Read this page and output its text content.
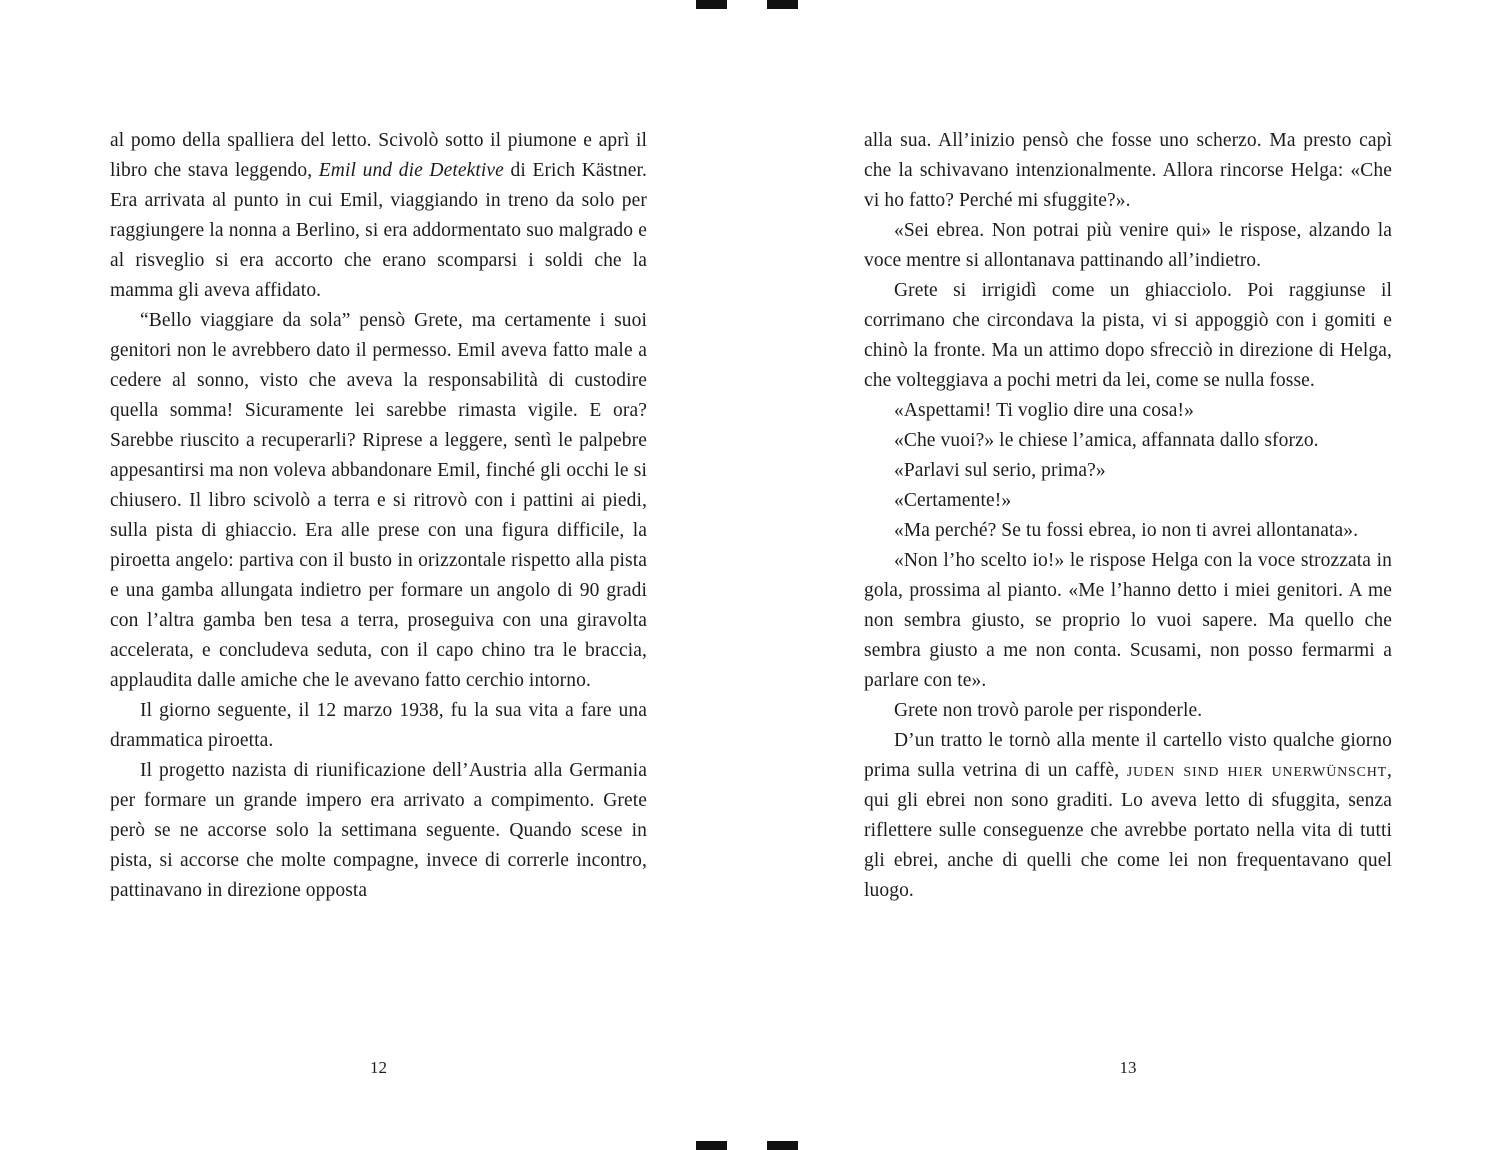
al pomo della spalliera del letto. Scivolò sotto il piumone e aprì il libro che stava leggendo, Emil und die Detektive di Erich Kästner. Era arrivata al punto in cui Emil, viaggiando in treno da solo per raggiungere la nonna a Berlino, si era addormentato suo malgrado e al risveglio si era accorto che erano scomparsi i soldi che la mamma gli aveva affidato.

“Bello viaggiare da sola” pensò Grete, ma certamente i suoi genitori non le avrebbero dato il permesso. Emil aveva fatto male a cedere al sonno, visto che aveva la responsabilità di custodire quella somma! Sicuramente lei sarebbe rimasta vigile. E ora? Sarebbe riuscito a recuperarli? Riprese a leggere, sentì le palpebre appesantirsi ma non voleva abbandonare Emil, finché gli occhi le si chiusero. Il libro scivolò a terra e si ritrovò con i pattini ai piedi, sulla pista di ghiaccio. Era alle prese con una figura difficile, la piroetta angelo: partiva con il busto in orizzontale rispetto alla pista e una gamba allungata indietro per formare un angolo di 90 gradi con l’altra gamba ben tesa a terra, proseguiva con una giravolta accelerata, e concludeva seduta, con il capo chino tra le braccia, applaudita dalle amiche che le avevano fatto cerchio intorno.

Il giorno seguente, il 12 marzo 1938, fu la sua vita a fare una drammatica piroetta.

Il progetto nazista di riunificazione dell’Austria alla Germania per formare un grande impero era arrivato a compimento. Grete però se ne accorse solo la settimana seguente. Quando scese in pista, si accorse che molte compagne, invece di correrle incontro, pattinavano in direzione opposta

12

alla sua. All’inizio pensò che fosse uno scherzo. Ma presto capì che la schivavano intenzionalmente. Allora rincorse Helga: «Che vi ho fatto? Perché mi sfuggite?».

«Sei ebrea. Non potrai più venire qui» le rispose, alzando la voce mentre si allontanava pattinando all’indietro.

Grete si irrigidì come un ghiacciolo. Poi raggiunse il corrimano che circondava la pista, vi si appoggiò con i gomiti e chinò la fronte. Ma un attimo dopo sfrecciò in direzione di Helga, che volteggiava a pochi metri da lei, come se nulla fosse.

«Aspettami! Ti voglio dire una cosa!»

«Che vuoi?» le chiese l’amica, affannata dallo sforzo.

«Parlavi sul serio, prima?»

«Certamente!»

«Ma perché? Se tu fossi ebrea, io non ti avrei allontanata».

«Non l’ho scelto io!» le rispose Helga con la voce strozzata in gola, prossima al pianto. «Me l’hanno detto i miei genitori. A me non sembra giusto, se proprio lo vuoi sapere. Ma quello che sembra giusto a me non conta. Scusami, non posso fermarmi a parlare con te».

Grete non trovò parole per risponderle.

D’un tratto le tornò alla mente il cartello visto qualche giorno prima sulla vetrina di un caffè, juden sind hier unerwünscht, qui gli ebrei non sono graditi. Lo aveva letto di sfuggita, senza riflettere sulle conseguenze che avrebbe portato nella vita di tutti gli ebrei, anche di quelli che come lei non frequentavano quel luogo.

13
